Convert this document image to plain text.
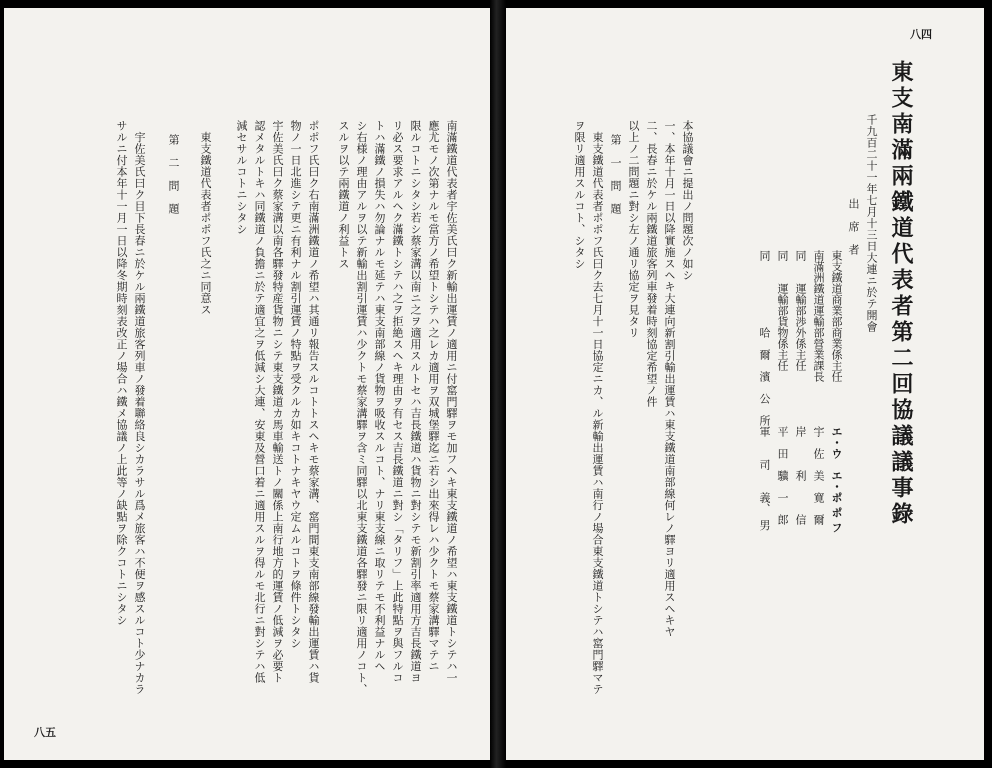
八四
東支南滿兩鐵道代表者第二回協議議事錄
千九百二十一年七月十三日大連ニ於テ開會
出　席　者
東支鐵道商業部商業係主任
エ・ウ　エ・ポ ポ フ
南滿洲鐵道運輸部營業課長
宇　佐　美　寛　爾
同　　運輸部渉外係主任
岸　　　利　　　信
同　　運輸部貨物係主任
平　田　驥　一　郎
同　　　　　　哈　爾　濱　公　所
軍　　司　　義、　男
本協議會ニ提出ノ問題次ノ如シ
一、本年十月一日以降實施スヘキ大連向新割引輸出運賃ハ東支鐵道南部線何レノ驛ヨリ適用スヘキヤ
二、長春ニ於ケル兩鐵道旅客列車發着時刻協定希望ノ件
以上ノ二問題ニ對シ左ノ通リ協定ヲ見タリ
第　一　問　題
　東支鐵道代表者ポポフ氏曰ク去七月十一日協定ニカ、ル新輸出運賃ハ南行ノ場合東支鐵道トシテハ窰門驛マテ
ヲ限リ適用スルコト、シタシ
南滿鐵道代表者宇佐美氏曰ク新輸出運賃ノ適用ニ付窰門驛ヲモ加フヘキ東支鐵道ノ希望ハ東支鐵道トシテハ一
應尤モノ次第ナルモ當方ノ希望トシテハ之レカ適用ヲ双城堡驛迄ニ若シ出來得レハ少クトモ蔡家溝驛マテニ
限ルコトニシタシ若シ蔡家溝以南ニ之ヲ適用スルトセハ吉長鐵道ハ貨物ニ對シテモ新割引率適用方吉長鐵道ヨ
リ必ス要求アルヘク滿鐵トシテハ之ヲ拒絶スヘキ理由ヲ有セス吉長鐵道ニ對シ「タリフ」上此特點ヲ與フルコ
トハ滿鐵ノ損失ハ勿論ナルモ延テハ東支南部線ノ貨物ヲ吸收スルコト、ナリ東支線ニ取リテモ不利益ナルヘ
シ右様ノ理由アルヲ以テ新輸出割引運賃ハ少クトモ蔡家溝驛ヲ含ミ同驛以北東支鐵道各驛發ニ限リ適用ノコト、
スルヲ以テ兩鐵道ノ利益トス
ポポフ氏曰ク右南滿洲鐵道ノ希望ハ其通リ報告スルコトトスヘキモ蔡家溝、窰門間東支南部線發輸出運賃ハ貨
物ノ一日北進シテ更ニ有利ナル割引運賃ノ特點ヲ受クルカ如キコトナキヤウ定ムルコトヲ條件トシタシ
宇佐美氏曰ク蔡家溝以南各驛發特産貨物ニシテ東支鐵道カ馬車輸送トノ關係上南行地方的運賃ノ低減ヲ必要ト
認メタルトキハ同鐵道ノ負擔ニ於テ適宜之ヲ低減シ大連、安東及營口着ニ適用スルヲ得ルモ北行ニ對シテハ低
減セサルコトニシタシ
　東支鐵道代表者ポポフ氏之ニ同意ス
第　二　問　題
　宇佐美氏曰ク目下長春ニ於ケル兩鐵道旅客列車ノ發着聯絡良シカラサル爲メ旅客ハ不便ヲ感スルコト少ナカラ
サルニ付本年十一月一日以降冬期時刻表改正ノ場合ハ鐵メ協議ノ上此等ノ缺點ヲ除クコトニシタシ
八五
